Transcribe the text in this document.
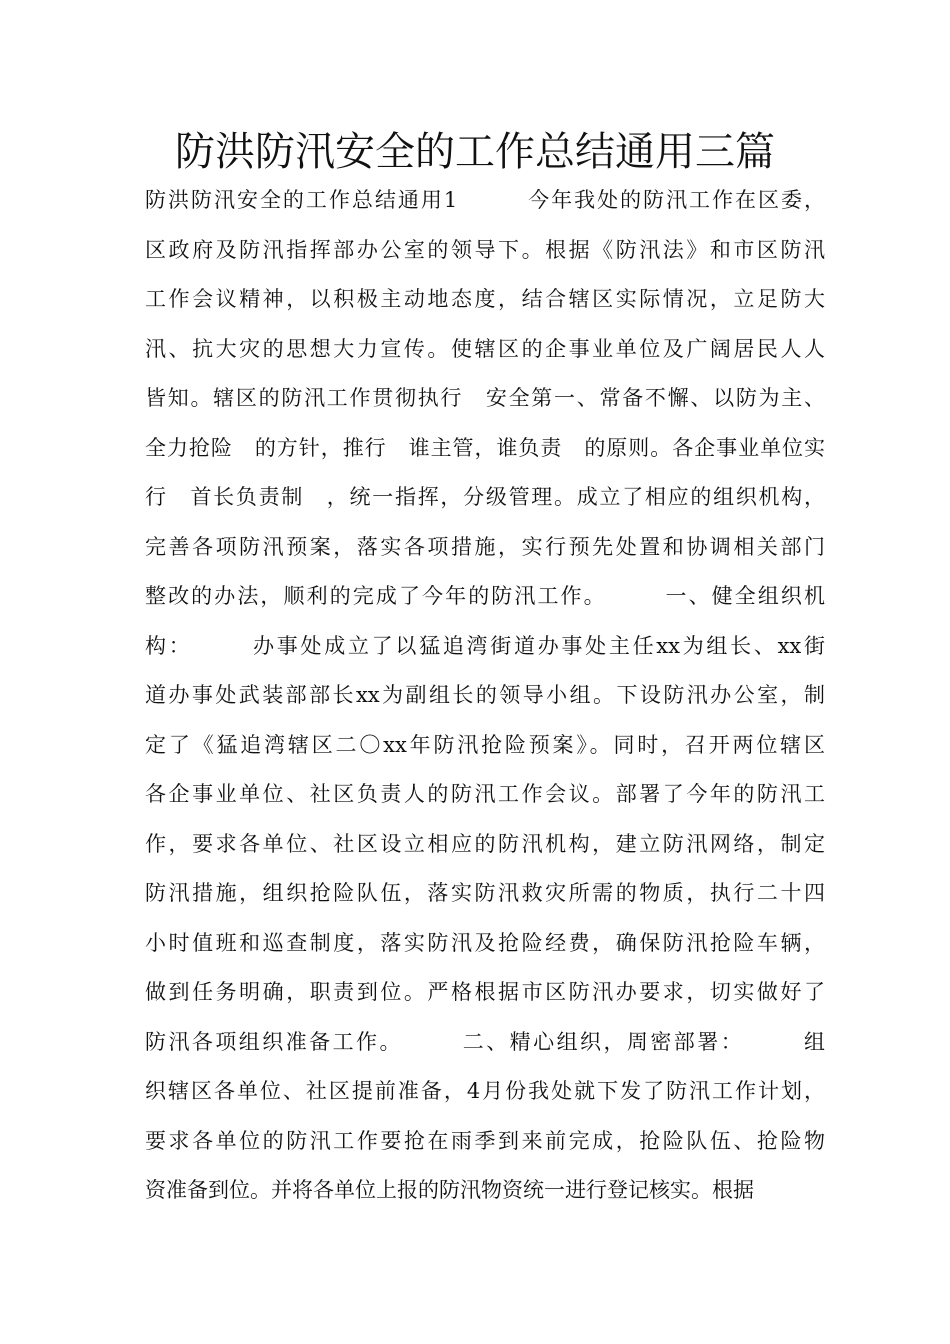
防洪防汛安全的工作总结通用三篇
防洪防汛安全的工作总结通用1　　　今年我处的防汛工作在区委，
区政府及防汛指挥部办公室的领导下。根据《防汛法》和市区防汛
工作会议精神，以积极主动地态度，结合辖区实际情况，立足防大
汛、抗大灾的思想大力宣传。使辖区的企事业单位及广阔居民人人
皆知。辖区的防汛工作贯彻执行　安全第一、常备不懈、以防为主、
全力抢险　的方针，推行　谁主管，谁负责　的原则。各企事业单位实
行　首长负责制　，统一指挥，分级管理。成立了相应的组织机构，
完善各项防汛预案，落实各项措施，实行预先处置和协调相关部门
整改的办法，顺利的完成了今年的防汛工作。　　　一、健全组织机
构：　　　办事处成立了以猛追湾街道办事处主任xx为组长、xx街
道办事处武装部部长xx为副组长的领导小组。下设防汛办公室，制
定了《猛追湾辖区二〇xx年防汛抢险预案》。同时，召开两位辖区
各企事业单位、社区负责人的防汛工作会议。部署了今年的防汛工
作，要求各单位、社区设立相应的防汛机构，建立防汛网络，制定
防汛措施，组织抢险队伍，落实防汛救灾所需的物质，执行二十四
小时值班和巡查制度，落实防汛及抢险经费，确保防汛抢险车辆，
做到任务明确，职责到位。严格根据市区防汛办要求，切实做好了
防汛各项组织准备工作。　　　二、精心组织，周密部署：　　　组
织辖区各单位、社区提前准备，4月份我处就下发了防汛工作计划，
要求各单位的防汛工作要抢在雨季到来前完成，抢险队伍、抢险物
资准备到位。并将各单位上报的防汛物资统一进行登记核实。根据
